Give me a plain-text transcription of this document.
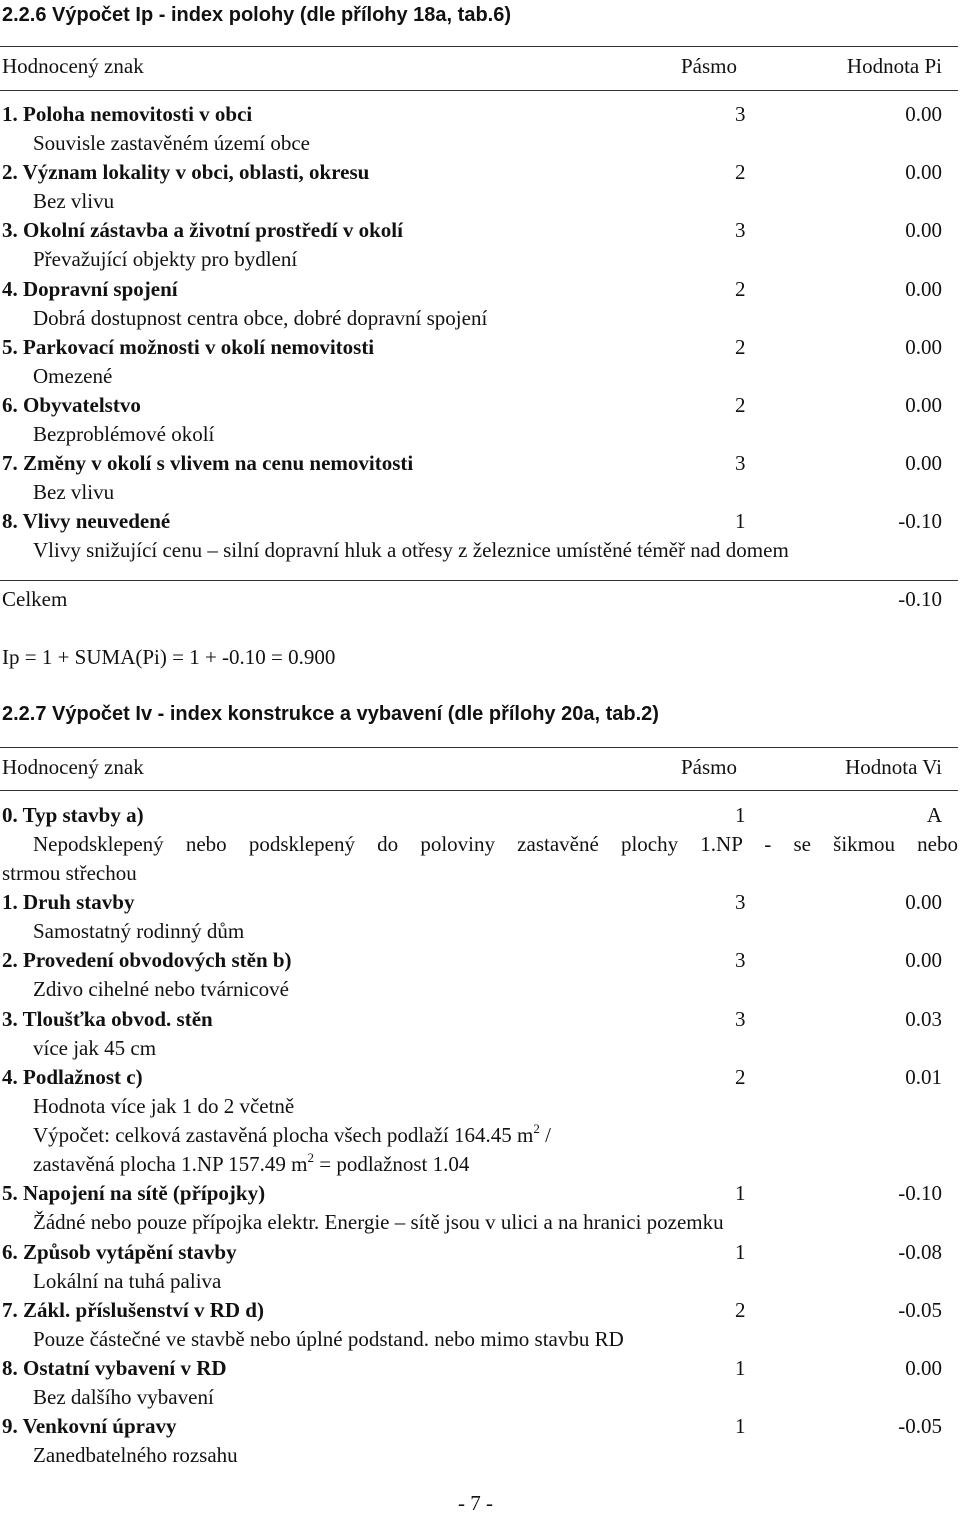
2.2.6 Výpočet Ip - index polohy (dle přílohy 18a, tab.6)
Hodnocený znak	Pásmo	Hodnota Pi
1. Poloha nemovitosti v obci	3	0.00
Souvisle zastavěném území obce
2. Význam lokality v obci, oblasti, okresu	2	0.00
Bez vlivu
3. Okolní zástavba a životní prostředí v okolí	3	0.00
Převažující objekty pro bydlení
4. Dopravní spojení	2	0.00
Dobrá dostupnost centra obce, dobré dopravní spojení
5. Parkovací možnosti v okolí nemovitosti	2	0.00
Omezené
6. Obyvatelstvo	2	0.00
Bezproblémové okolí
7. Změny v okolí s vlivem na cenu nemovitosti	3	0.00
Bez vlivu
8. Vlivy neuvedené	1	-0.10
Vlivy snižující cenu – silní dopravní hluk a otřesy z železnice umístěné téměř nad domem
Celkem	-0.10
Ip = 1 + SUMA(Pi) = 1 + -0.10 = 0.900
2.2.7 Výpočet Iv - index konstrukce a vybavení (dle přílohy 20a, tab.2)
Hodnocený znak	Pásmo	Hodnota Vi
0. Typ stavby a)	1	A
Nepodsklepený nebo podsklepený do poloviny zastavěné plochy 1.NP - se šikmou nebo
strmou střechou
1. Druh stavby	3	0.00
Samostatný rodinný dům
2. Provedení obvodových stěn b)	3	0.00
Zdivo cihelné nebo tvárnicové
3. Tloušťka obvod. stěn	3	0.03
více jak 45 cm
4. Podlažnost c)	2	0.01
Hodnota více jak 1 do 2 včetně
Výpočet: celková zastavěná plocha všech podlaží 164.45 $m^2$ /
zastavěná plocha 1.NP 157.49 $m^2$ = podlažnost 1.04
5. Napojení na sítě (přípojky)	1	-0.10
Žádné nebo pouze přípojka elektr. Energie – sítě jsou v ulici a na hranici pozemku
6. Způsob vytápění stavby	1	-0.08
Lokální na tuhá paliva
7. Zákl. příslušenství v RD d)	2	-0.05
Pouze částečné ve stavbě nebo úplné podstand. nebo mimo stavbu RD
8. Ostatní vybavení v RD	1	0.00
Bez dalšího vybavení
9. Venkovní úpravy	1	-0.05
Zanedbatelného rozsahu
- 7 -
